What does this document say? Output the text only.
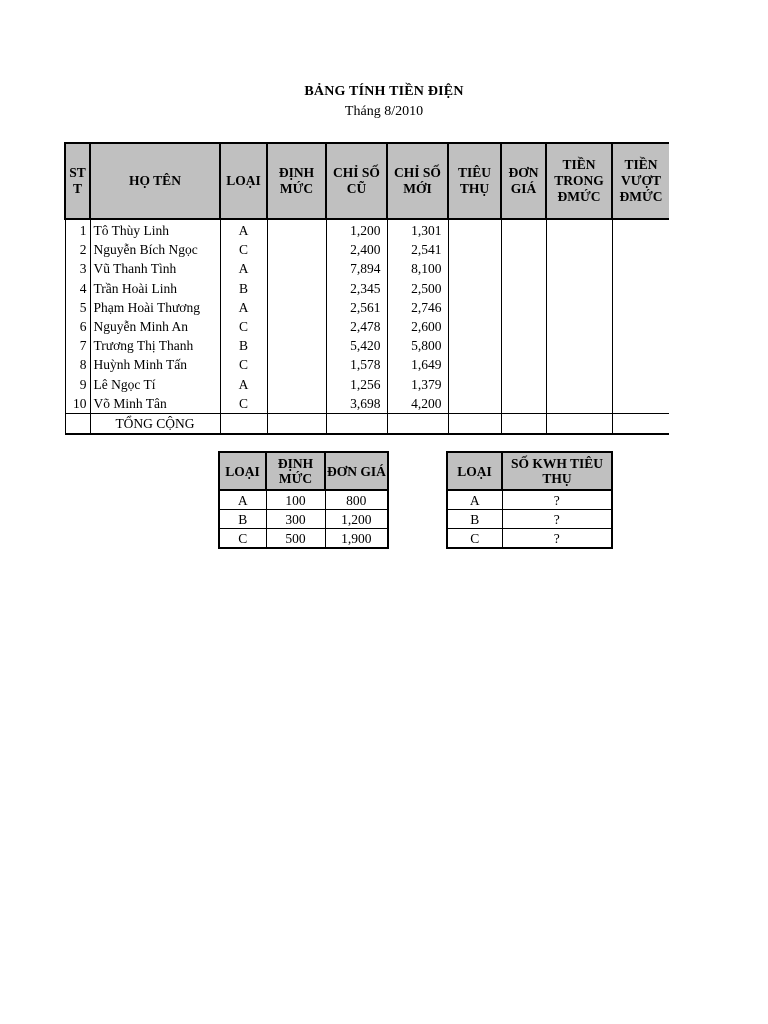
BẢNG TÍNH TIỀN ĐIỆN
Tháng 8/2010
ST T	HỌ TÊN	LOẠI	ĐỊNH MỨC	CHỈ SỐ CŨ	CHỈ SỐ MỚI	TIÊU THỤ	ĐƠN GIÁ	TIỀN TRONG ĐMỨC	TIỀN VƯỢT ĐMỨC
1	Tô Thùy Linh	A		1,200	1,301				
2	Nguyễn Bích Ngọc	C		2,400	2,541				
3	Vũ Thanh Tình	A		7,894	8,100				
4	Trần Hoài Linh	B		2,345	2,500				
5	Phạm Hoài Thương	A		2,561	2,746				
6	Nguyễn Minh An	C		2,478	2,600				
7	Trương Thị Thanh	B		5,420	5,800				
8	Huỳnh Minh Tấn	C		1,578	1,649				
9	Lê Ngọc Tí	A		1,256	1,379				
10	Võ Minh Tân	C		3,698	4,200				
	TỔNG CỘNG								
LOẠI	ĐỊNH MỨC	ĐƠN GIÁ
A	100	800
B	300	1,200
C	500	1,900
LOẠI	SỐ KWH TIÊU THỤ
A	?
B	?
C	?
